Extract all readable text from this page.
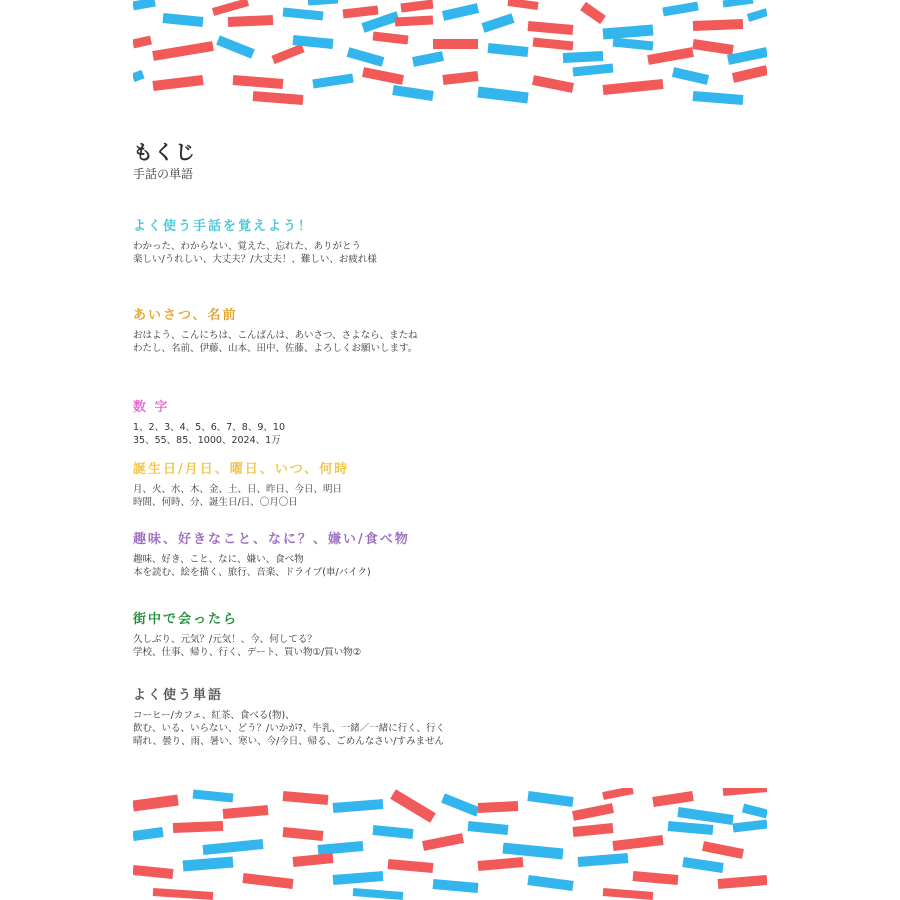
もくじ
手話の単語
よく使う手話を覚えよう！
わかった、わからない、覚えた、忘れた、ありがとう
楽しい/うれしい、大丈夫？/大丈夫！、難しい、お疲れ様
あいさつ、名前
おはよう、こんにちは、こんばんは、あいさつ、さよなら、またね
わたし、名前、伊藤、山本、田中、佐藤、よろしくお願いします。
数 字
1、2、3、4、5、6、7、8、9、10
35、55、85、1000、2024、1万
誕生日/月日、曜日、いつ、何時
月、火、水、木、金、土、日、昨日、今日、明日
時間、何時、分、誕生日/日、〇月〇日
趣味、好きなこと、なに？、嫌い/食べ物
趣味、好き、こと、なに、嫌い、食べ物
本を読む、絵を描く、旅行、音楽、ドライブ(車/バイク)
街中で会ったら
久しぶり、元気？/元気！、今、何してる？
学校、仕事、帰り、行く、デート、買い物①/買い物②
よく使う単語
コーヒー/カフェ、紅茶、食べる(物)、
飲む、いる、いらない、どう？/いかが?、牛乳、一緒／一緒に行く、行く
晴れ、曇り、雨、暑い、寒い、今/今日、帰る、ごめんなさい/すみません
